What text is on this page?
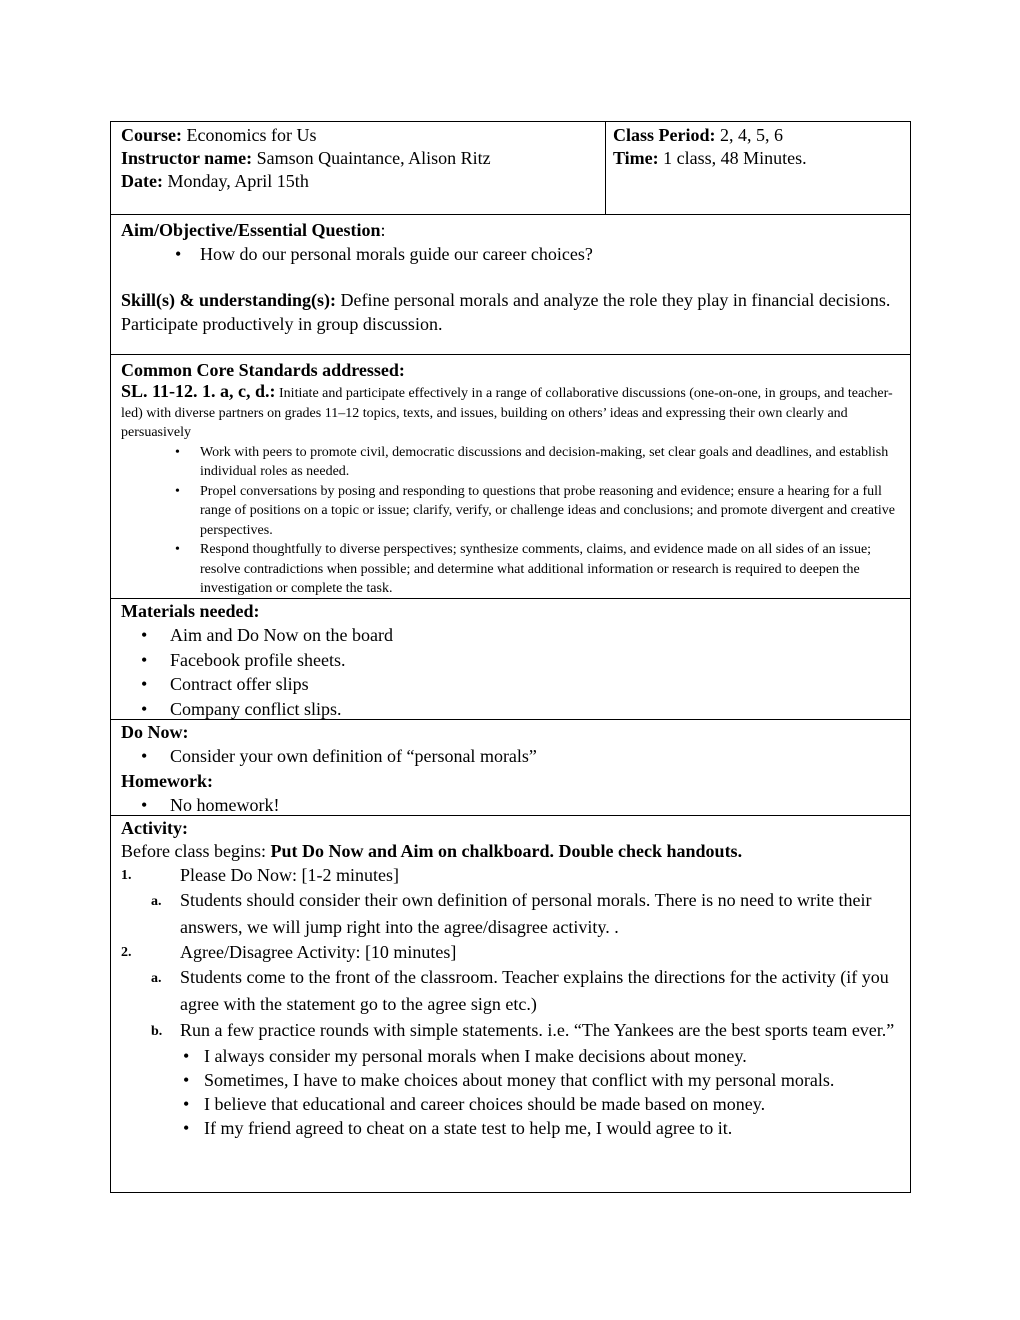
Course: Economics for Us
Instructor name: Samson Quaintance, Alison Ritz
Date: Monday, April 15th
Class Period: 2, 4, 5, 6
Time: 1 class, 48 Minutes.
Aim/Objective/Essential Question:
• How do our personal morals guide our career choices?
Skill(s) & understanding(s): Define personal morals and analyze the role they play in financial decisions. Participate productively in group discussion.
Common Core Standards addressed:
SL. 11-12. 1. a, c, d.: Initiate and participate effectively in a range of collaborative discussions (one-on-one, in groups, and teacher-led) with diverse partners on grades 11–12 topics, texts, and issues, building on others’ ideas and expressing their own clearly and persuasively
• Work with peers to promote civil, democratic discussions and decision-making, set clear goals and deadlines, and establish individual roles as needed.
• Propel conversations by posing and responding to questions that probe reasoning and evidence; ensure a hearing for a full range of positions on a topic or issue; clarify, verify, or challenge ideas and conclusions; and promote divergent and creative perspectives.
• Respond thoughtfully to diverse perspectives; synthesize comments, claims, and evidence made on all sides of an issue; resolve contradictions when possible; and determine what additional information or research is required to deepen the investigation or complete the task.
Materials needed:
• Aim and Do Now on the board
• Facebook profile sheets.
• Contract offer slips
• Company conflict slips.
Do Now:
• Consider your own definition of “personal morals”
Homework:
• No homework!
Activity:
Before class begins: Put Do Now and Aim on chalkboard. Double check handouts.
1.	Please Do Now: [1-2 minutes]
a. Students should consider their own definition of personal morals. There is no need to write their answers, we will jump right into the agree/disagree activity. .
2.	Agree/Disagree Activity: [10 minutes]
a. Students come to the front of the classroom. Teacher explains the directions for the activity (if you agree with the statement go to the agree sign etc.)
b. Run a few practice rounds with simple statements. i.e. “The Yankees are the best sports team ever.”
• I always consider my personal morals when I make decisions about money.
• Sometimes, I have to make choices about money that conflict with my personal morals.
• I believe that educational and career choices should be made based on money.
• If my friend agreed to cheat on a state test to help me, I would agree to it.
